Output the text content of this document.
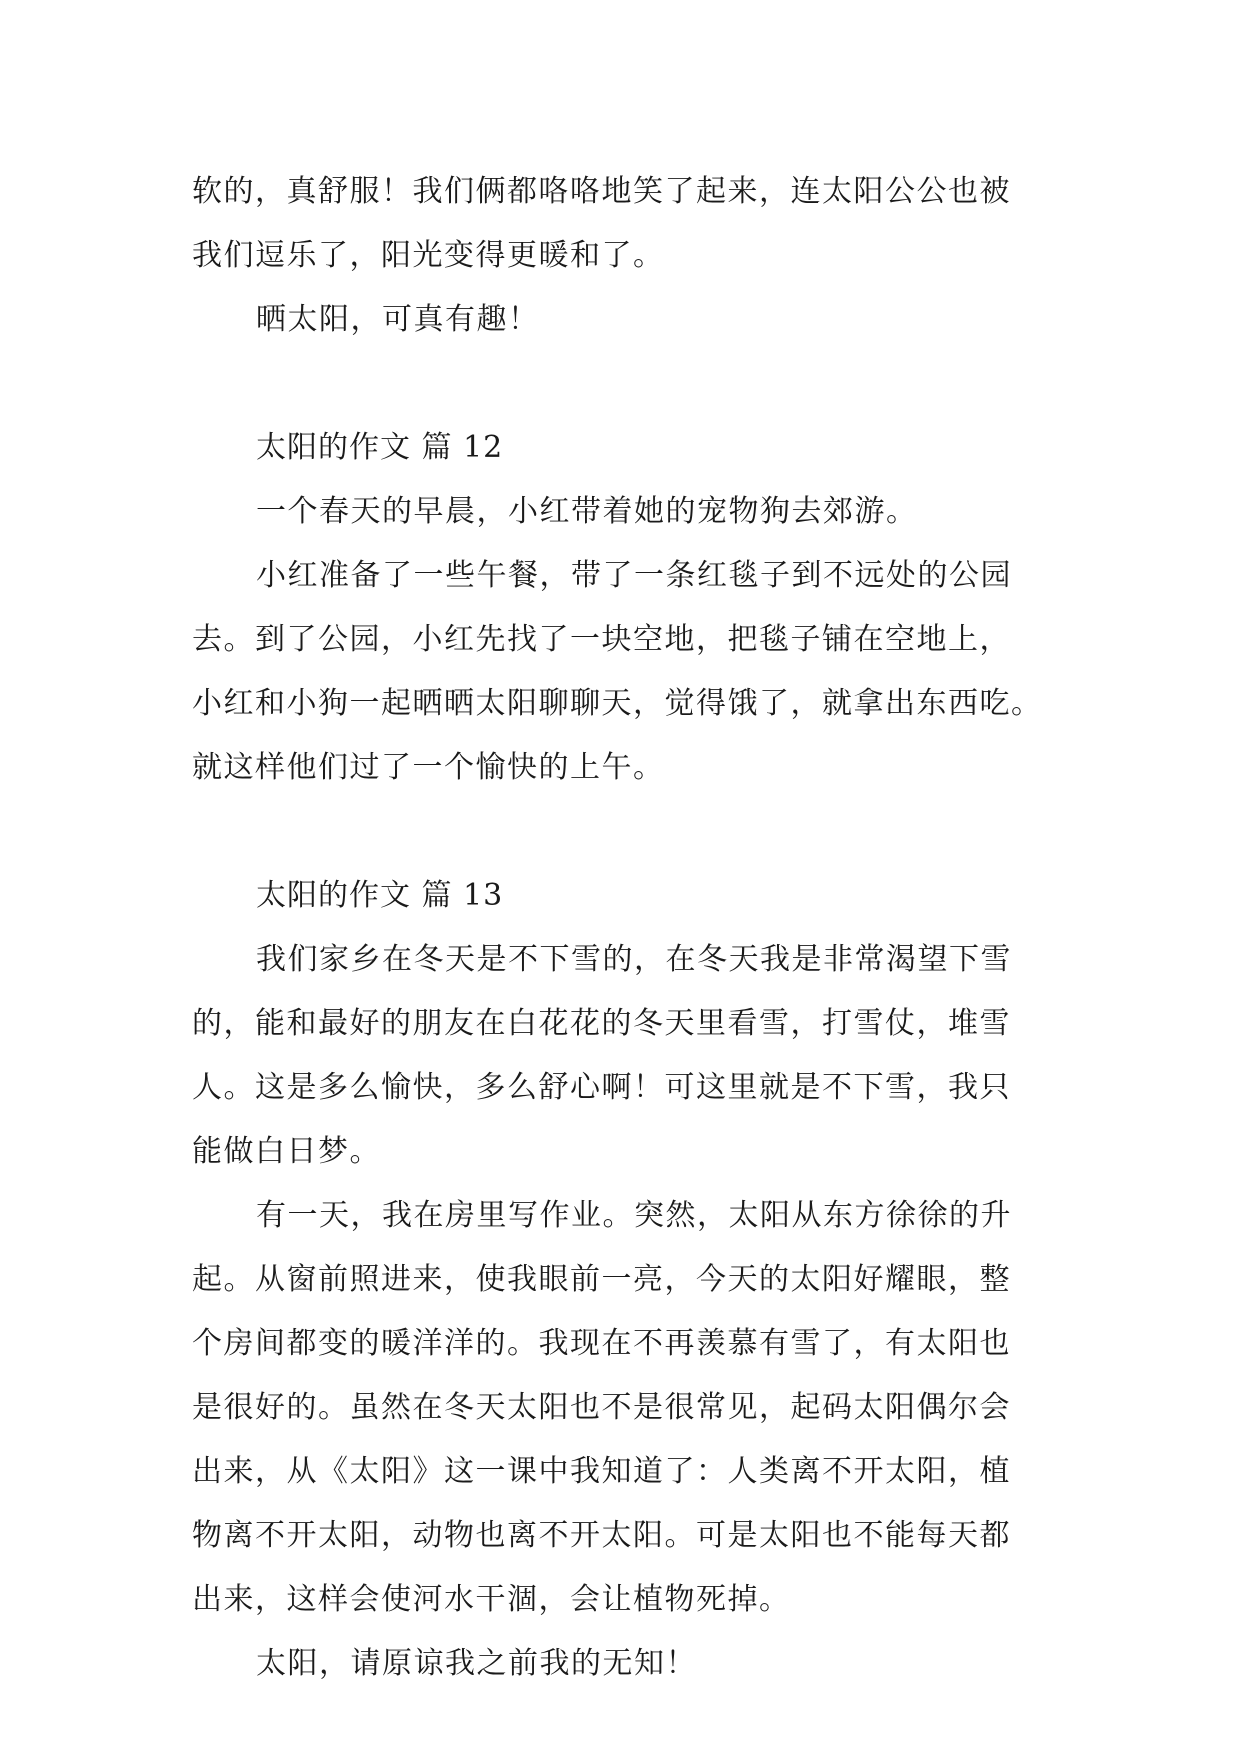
软的，真舒服！我们俩都咯咯地笑了起来，连太阳公公也被
我们逗乐了，阳光变得更暖和了。
晒太阳，可真有趣！
太阳的作文 篇 12
一个春天的早晨，小红带着她的宠物狗去郊游。
小红准备了一些午餐，带了一条红毯子到不远处的公园
去。到了公园，小红先找了一块空地，把毯子铺在空地上，
小红和小狗一起晒晒太阳聊聊天，觉得饿了，就拿出东西吃。
就这样他们过了一个愉快的上午。
太阳的作文 篇 13
我们家乡在冬天是不下雪的，在冬天我是非常渴望下雪
的，能和最好的朋友在白花花的冬天里看雪，打雪仗，堆雪
人。这是多么愉快，多么舒心啊！可这里就是不下雪，我只
能做白日梦。
有一天，我在房里写作业。突然，太阳从东方徐徐的升
起。从窗前照进来，使我眼前一亮，今天的太阳好耀眼，整
个房间都变的暖洋洋的。我现在不再羡慕有雪了，有太阳也
是很好的。虽然在冬天太阳也不是很常见，起码太阳偶尔会
出来，从《太阳》这一课中我知道了：人类离不开太阳，植
物离不开太阳，动物也离不开太阳。可是太阳也不能每天都
出来，这样会使河水干涸，会让植物死掉。
太阳，请原谅我之前我的无知！
